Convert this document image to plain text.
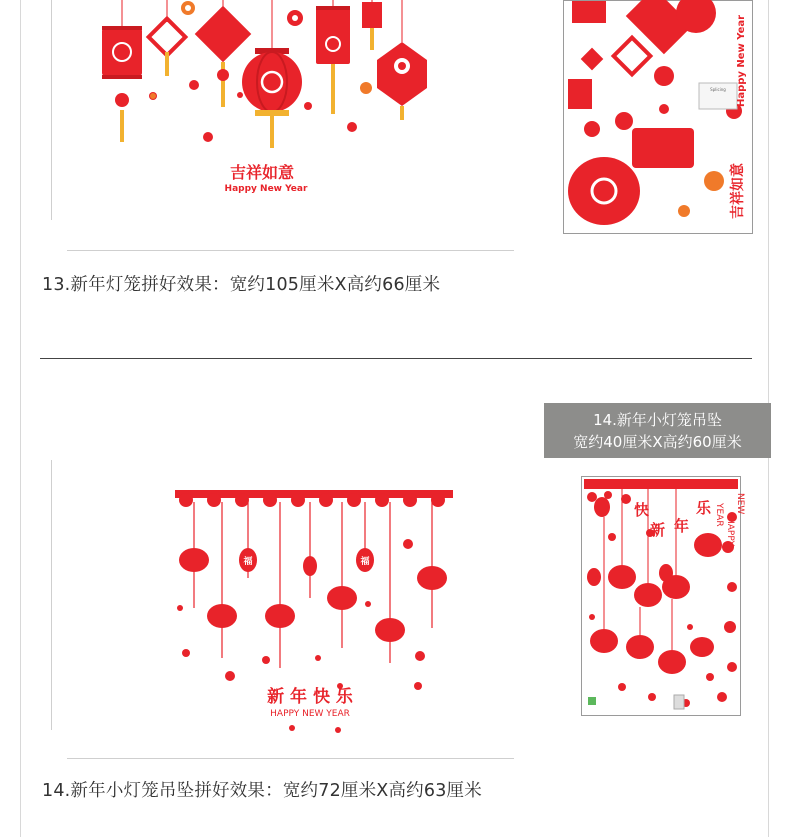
吉祥如意
Happy New Year
Splicing Happy New Year
吉祥如意
13.新年灯笼拼好效果：宽约105厘米X高约66厘米
14.新年小灯笼吊坠
宽约40厘米X高约60厘米
福	福
新 年 快 乐
HAPPY NEW YEAR
快
新 年
乐
HAPPY
YEAR NEW
14.新年小灯笼吊坠拼好效果：宽约72厘米X高约63厘米
